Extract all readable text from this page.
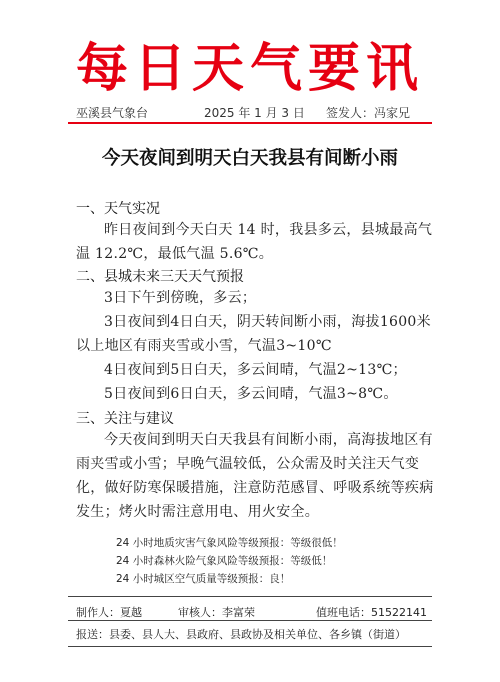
每日天气要讯
巫溪县气象台	2025 年 1 月 3 日 签发人：冯家兄
今天夜间到明天白天我县有间断小雨
一、天气实况
昨日夜间到今天白天 14 时，我县多云，县城最高气温 12.2℃，最低气温 5.6℃。
二、县城未来三天天气预报
3日下午到傍晚，多云；
3日夜间到4日白天，阴天转间断小雨，海拔1600米以上地区有雨夹雪或小雪，气温3~10℃
4日夜间到5日白天，多云间晴，气温2~13℃；
5日夜间到6日白天，多云间晴，气温3~8℃。
三、关注与建议
今天夜间到明天白天我县有间断小雨，高海拔地区有雨夹雪或小雪；早晚气温较低，公众需及时关注天气变化，做好防寒保暖措施，注意防范感冒、呼吸系统等疾病发生；烤火时需注意用电、用火安全。
24 小时地质灾害气象风险等级预报：等级很低！
24 小时森林火险气象风险等级预报：等级低！
24 小时城区空气质量等级预报：良！
制作人：夏越	审核人：李富荣	值班电话：51522141
报送：县委、县人大、县政府、县政协及相关单位、各乡镇（街道）
